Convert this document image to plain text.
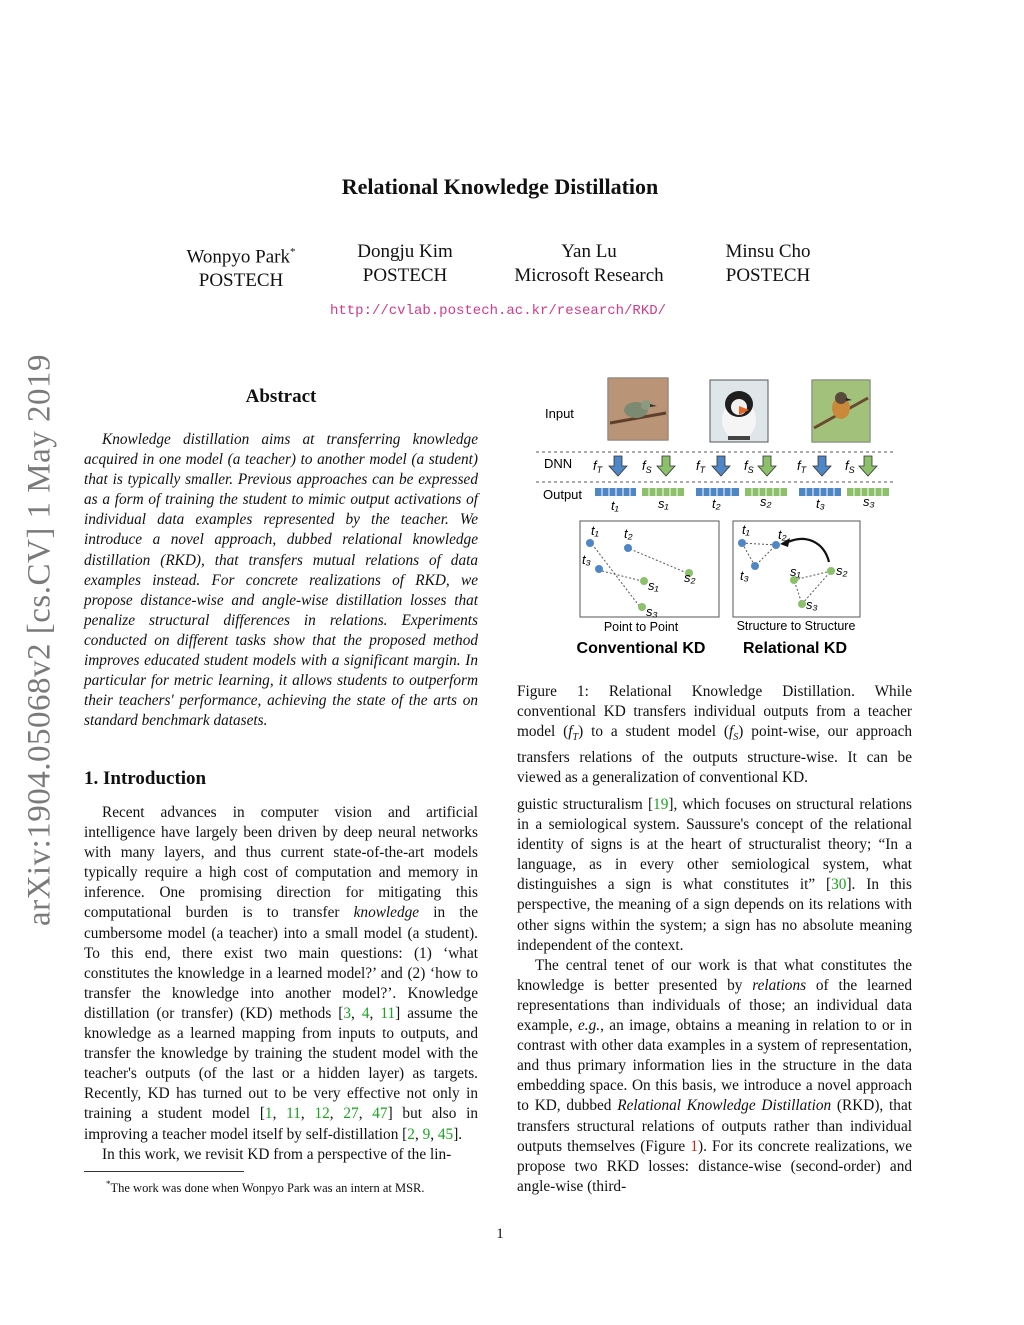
arXiv:1904.05068v2 [cs.CV] 1 May 2019
Relational Knowledge Distillation
Wonpyo Park*
POSTECH
Dongju Kim
POSTECH
Yan Lu
Microsoft Research
Minsu Cho
POSTECH
http://cvlab.postech.ac.kr/research/RKD/
Abstract

Knowledge distillation aims at transferring knowledge acquired in one model (a teacher) to another model (a student) that is typically smaller. Previous approaches can be expressed as a form of training the student to mimic output activations of individual data examples represented by the teacher. We introduce a novel approach, dubbed relational knowledge distillation (RKD), that transfers mutual relations of data examples instead. For concrete realizations of RKD, we propose distance-wise and angle-wise distillation losses that penalize structural differences in relations. Experiments conducted on different tasks show that the proposed method improves educated student models with a significant margin. In particular for metric learning, it allows students to outperform their teachers' performance, achieving the state of the arts on standard benchmark datasets.

1. Introduction

Recent advances in computer vision and artificial intelligence have largely been driven by deep neural networks with many layers, and thus current state-of-the-art models typically require a high cost of computation and memory in inference. One promising direction for mitigating this computational burden is to transfer knowledge in the cumbersome model (a teacher) into a small model (a student). To this end, there exist two main questions: (1) ‘what constitutes the knowledge in a learned model?’ and (2) ‘how to transfer the knowledge into another model?’. Knowledge distillation (or transfer) (KD) methods [3, 4, 11] assume the knowledge as a learned mapping from inputs to outputs, and transfer the knowledge by training the student model with the teacher's outputs (of the last or a hidden layer) as targets. Recently, KD has turned out to be very effective not only in training a student model [1, 11, 12, 27, 47] but also in improving a teacher model itself by self-distillation [2, 9, 45].

In this work, we revisit KD from a perspective of the lin-

*The work was done when Wonpyo Park was an intern at MSR.
Input
DNN
Output
$f_T$	$f_S$	$f_T$	$f_S$	$f_T$	$f_S$
t₁	s₁	t₂	s₂	t₃	s₃
t₁ t₂
t₃
s₁
s₂
s₃
Point to Point
Conventional KD
t₁ t₂
t₃	s₁	s₂
s₃
Structure to Structure
Relational KD
Figure 1: Relational Knowledge Distillation. While conventional KD transfers individual outputs from a teacher model $(f_T)$ to a student model $(f_S)$ point-wise, our approach transfers relations of the outputs structure-wise. It can be viewed as a generalization of conventional KD.

guistic structuralism [19], which focuses on structural relations in a semiological system. Saussure's concept of the relational identity of signs is at the heart of structuralist theory; “In a language, as in every other semiological system, what distinguishes a sign is what constitutes it” [30]. In this perspective, the meaning of a sign depends on its relations with other signs within the system; a sign has no absolute meaning independent of the context.

The central tenet of our work is that what constitutes the knowledge is better presented by relations of the learned representations than individuals of those; an individual data example, e.g., an image, obtains a meaning in relation to or in contrast with other data examples in a system of representation, and thus primary information lies in the structure in the data embedding space. On this basis, we introduce a novel approach to KD, dubbed Relational Knowledge Distillation (RKD), that transfers structural relations of outputs rather than individual outputs themselves (Figure 1). For its concrete realizations, we propose two RKD losses: distance-wise (second-order) and angle-wise (third-

1
